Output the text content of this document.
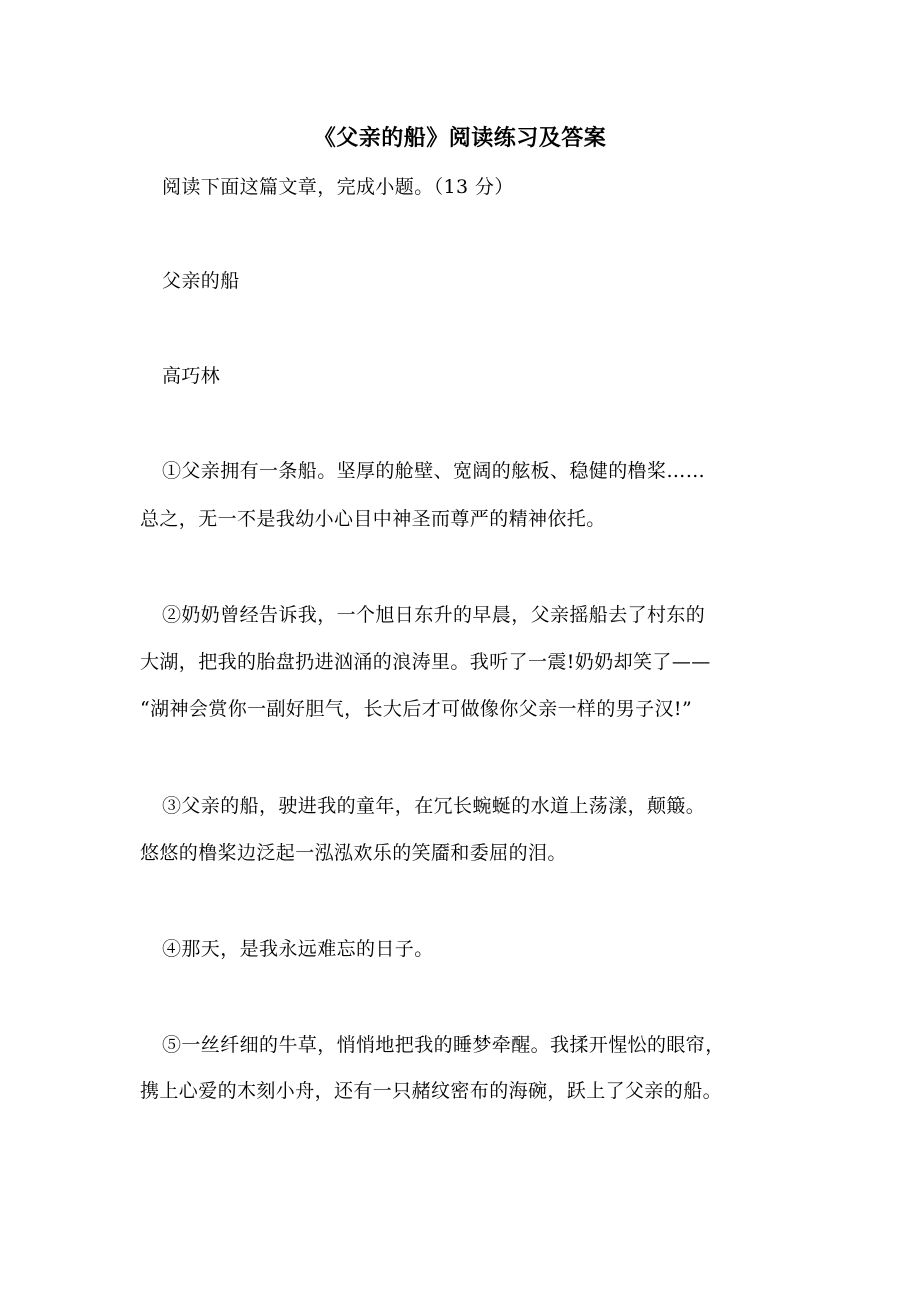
《父亲的船》阅读练习及答案
阅读下面这篇文章，完成小题。（13 分）
父亲的船
高巧林
①父亲拥有一条船。坚厚的舱壁、宽阔的舷板、稳健的橹桨……
总之，无一不是我幼小心目中神圣而尊严的精神依托。
②奶奶曾经告诉我，一个旭日东升的早晨，父亲摇船去了村东的
大湖，把我的胎盘扔进汹涌的浪涛里。我听了一震!奶奶却笑了——
“湖神会赏你一副好胆气，长大后才可做像你父亲一样的男子汉!”
③父亲的船，驶进我的童年，在冗长蜿蜒的水道上荡漾，颠簸。
悠悠的橹桨边泛起一泓泓欢乐的笑靥和委屈的泪。
④那天，是我永远难忘的日子。
⑤一丝纤细的牛草，悄悄地把我的睡梦牵醒。我揉开惺忪的眼帘，
携上心爱的木刻小舟，还有一只赭纹密布的海碗，跃上了父亲的船。
